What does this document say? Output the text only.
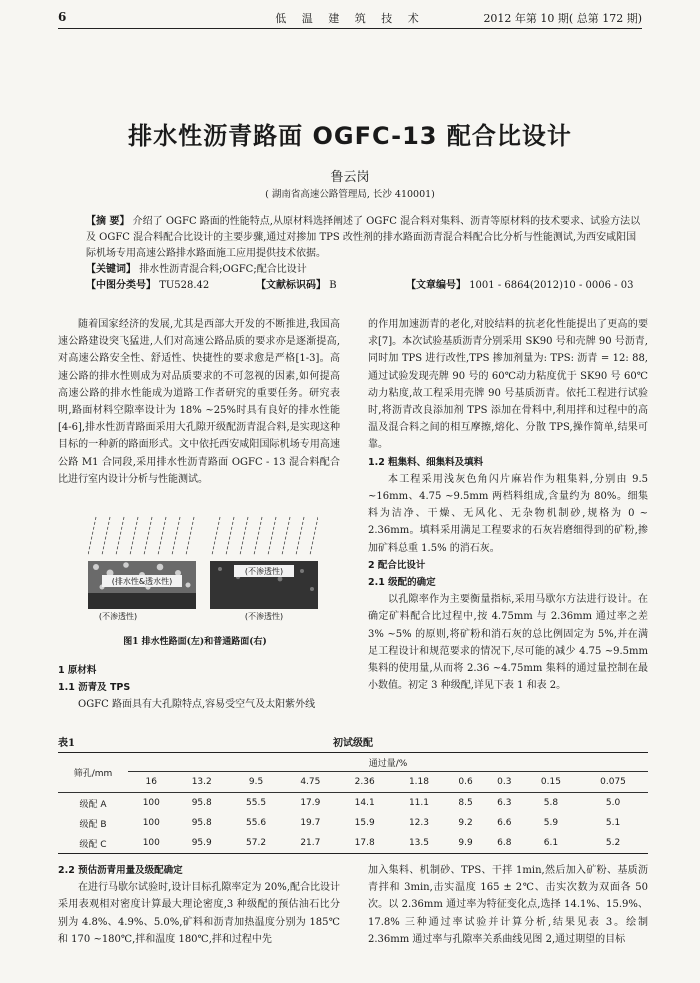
6	低 温 建 筑 技 术	2012 年第 10 期( 总第 172 期)
排水性沥青路面 OGFC-13 配合比设计
鲁云岗
( 湖南省高速公路管理局, 长沙 410001)

【摘 要】 介绍了 OGFC 路面的性能特点,从原材料选择阐述了 OGFC 混合料对集料、沥青等原材料的技术要求、试验方法以及 OGFC 混合料配合比设计的主要步骤,通过对掺加 TPS 改性剂的排水路面沥青混合料配合比分析与性能测试,为西安咸阳国际机场专用高速公路排水路面施工应用提供技术依据。

【关键词】 排水性沥青混合料;OGFC;配合比设计

【中图分类号】 TU528.42	【文献标识码】 B	【文章编号】 1001 - 6864(2012)10 - 0006 - 03

随着国家经济的发展,尤其是西部大开发的不断推进,我国高速公路建设突飞猛进,人们对高速公路品质的要求亦是逐渐提高,对高速公路安全性、舒适性、快捷性的要求愈是严格[1-3]。高速公路的排水性则成为对品质要求的不可忽视的因素,如何提高高速公路的排水性能成为道路工作者研究的重要任务。研究表明,路面材料空隙率设计为 18% ~25%时具有良好的排水性能[4-6],排水性沥青路面采用大孔隙开级配沥青混合料,是实现这种目标的一种新的路面形式。文中依托西安咸阳国际机场专用高速公路 M1 合同段,采用排水性沥青路面 OGFC - 13 混合料配合比进行室内设计分析与性能测试。

(排水性&透水性)
(不渗透性)
(不渗透性)	(不渗透性)
图1 排水性路面(左)和普通路面(右)

1 原材料

1.1 沥青及 TPS

OGFC 路面具有大孔隙特点,容易受空气及太阳紫外线

的作用加速沥青的老化,对胶结料的抗老化性能提出了更高的要求[7]。本次试验基质沥青分别采用 SK90 号和壳牌 90 号沥青,同时加 TPS 进行改性,TPS 掺加剂量为: TPS: 沥青 = 12: 88,通过试验发现壳牌 90 号的 60℃动力粘度优于 SK90 号 60℃动力粘度,故工程采用壳牌 90 号基质沥青。依托工程进行试验时,将沥青改良添加剂 TPS 添加在骨料中,利用拌和过程中的高温及混合料之间的相互摩擦,熔化、分散 TPS,操作简单,结果可靠。

1.2 粗集料、细集料及填料

本工程采用浅灰色角闪片麻岩作为粗集料,分别由 9.5 ~16mm、4.75 ~9.5mm 两档料组成,含量约为 80%。细集料为洁净、干燥、无风化、无杂物机制砂,规格为 0 ~ 2.36mm。填料采用满足工程要求的石灰岩磨细得到的矿粉,掺加矿料总重 1.5% 的消石灰。

2 配合比设计

2.1 级配的确定

以孔隙率作为主要衡量指标,采用马歇尔方法进行设计。在确定矿料配合比过程中,按 4.75mm 与 2.36mm 通过率之差 3% ~5% 的原则,将矿粉和消石灰的总比例固定为 5%,并在满足工程设计和规范要求的情况下,尽可能的减少 4.75 ~9.5mm 集料的使用量,从而将 2.36 ~4.75mm 集料的通过量控制在最小数值。初定 3 种级配,详见下表 1 和表 2。

表1	初试级配
筛孔/mm	通过量/%									
	16	13.2	9.5	4.75	2.36	1.18	0.6	0.3	0.15	0.075
级配 A	100	95.8	55.5	17.9	14.1	11.1	8.5	6.3	5.8	5.0
级配 B	100	95.8	55.6	19.7	15.9	12.3	9.2	6.6	5.9	5.1
级配 C	100	95.9	57.2	21.7	17.8	13.5	9.9	6.8	6.1	5.2

2.2 预估沥青用量及级配确定

在进行马歇尔试验时,设计目标孔隙率定为 20%,配合比设计采用表观相对密度计算最大理论密度,3 种级配的预估油石比分别为 4.8%、4.9%、5.0%,矿料和沥青加热温度分别为 185℃和 170 ~180℃,拌和温度 180℃,拌和过程中先

加入集料、机制砂、TPS、干拌 1min,然后加入矿粉、基质沥青拌和 3min,击实温度 165 ± 2℃、击实次数为双面各 50 次。以 2.36mm 通过率为特征变化点,选择 14.1%、15.9%、17.8% 三种通过率试验并计算分析,结果见表 3。绘制 2.36mm 通过率与孔隙率关系曲线见图 2,通过期望的目标
